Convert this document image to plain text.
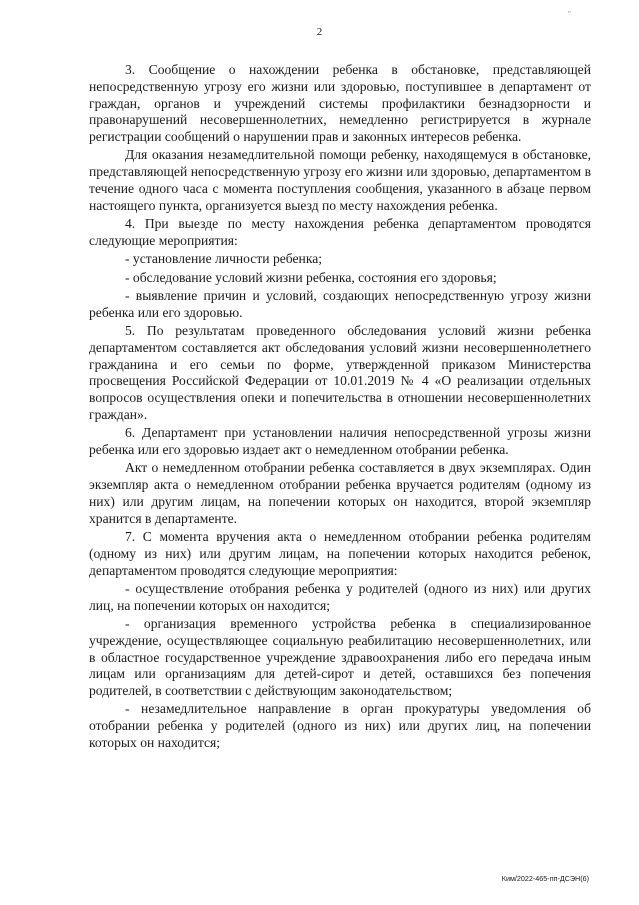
"
2

3. Сообщение о нахождении ребенка в обстановке, представляющей непосредственную угрозу его жизни или здоровью, поступившее в департамент от граждан, органов и учреждений системы профилактики безнадзорности и правонарушений несовершеннолетних, немедленно регистрируется в журнале регистрации сообщений о нарушении прав и законных интересов ребенка.

Для оказания незамедлительной помощи ребенку, находящемуся в обстановке, представляющей непосредственную угрозу его жизни или здоровью, департаментом в течение одного часа с момента поступления сообщения, указанного в абзаце первом настоящего пункта, организуется выезд по месту нахождения ребенка.

4. При выезде по месту нахождения ребенка департаментом проводятся следующие мероприятия:

- установление личности ребенка;

- обследование условий жизни ребенка, состояния его здоровья;

- выявление причин и условий, создающих непосредственную угрозу жизни ребенка или его здоровью.

5. По результатам проведенного обследования условий жизни ребенка департаментом составляется акт обследования условий жизни несовершеннолетнего гражданина и его семьи по форме, утвержденной приказом Министерства просвещения Российской Федерации от 10.01.2019 № 4 «О реализации отдельных вопросов осуществления опеки и попечительства в отношении несовершеннолетних граждан».

6. Департамент при установлении наличия непосредственной угрозы жизни ребенка или его здоровью издает акт о немедленном отобрании ребенка.

Акт о немедленном отобрании ребенка составляется в двух экземплярах. Один экземпляр акта о немедленном отобрании ребенка вручается родителям (одному из них) или другим лицам, на попечении которых он находится, второй экземпляр хранится в департаменте.

7. С момента вручения акта о немедленном отобрании ребенка родителям (одному из них) или другим лицам, на попечении которых находится ребенок, департаментом проводятся следующие мероприятия:

- осуществление отобрания ребенка у родителей (одного из них) или других лиц, на попечении которых он находится;

- организация временного устройства ребенка в специализированное учреждение, осуществляющее социальную реабилитацию несовершеннолетних, или в областное государственное учреждение здравоохранения либо его передача иным лицам или организациям для детей-сирот и детей, оставшихся без попечения родителей, в соответствии с действующим законодательством;

- незамедлительное направление в орган прокуратуры уведомления об отобрании ребенка у родителей (одного из них) или других лиц, на попечении которых он находится;

Ким/2022-465-пп-ДСЭН(6)
